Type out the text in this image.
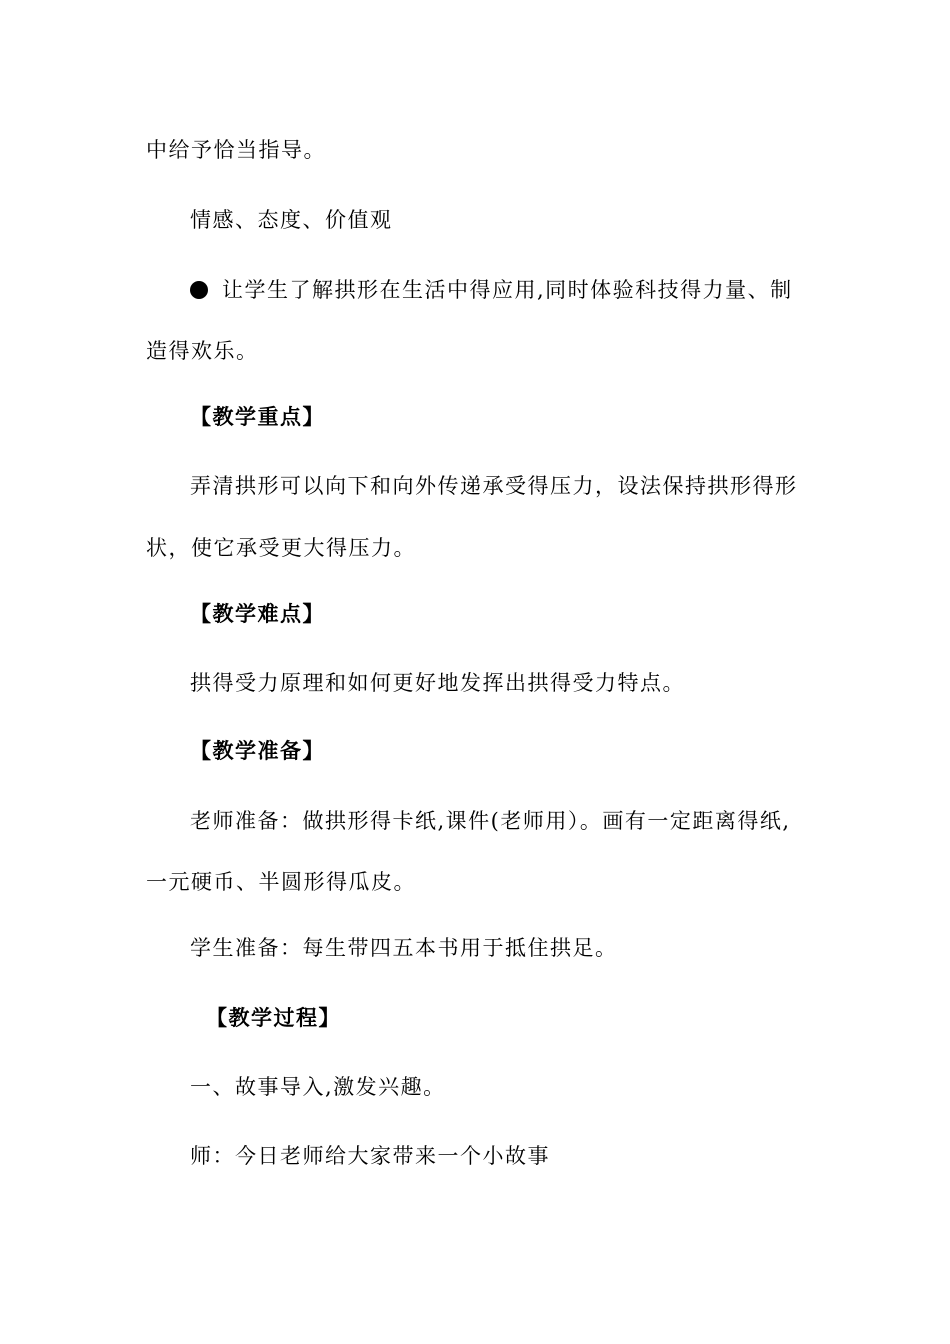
中给予恰当指导。
情感、态度、价值观
让学生了解拱形在生活中得应用,同时体验科技得力量、制
造得欢乐。
【教学重点】
弄清拱形可以向下和向外传递承受得压力，设法保持拱形得形
状，使它承受更大得压力。
【教学难点】
拱得受力原理和如何更好地发挥出拱得受力特点。
【教学准备】
老师准备：做拱形得卡纸,课件(老师用）。画有一定距离得纸,
一元硬币、半圆形得瓜皮。
学生准备：每生带四五本书用于抵住拱足。
【教学过程】
一、故事导入,激发兴趣。
师：今日老师给大家带来一个小故事
